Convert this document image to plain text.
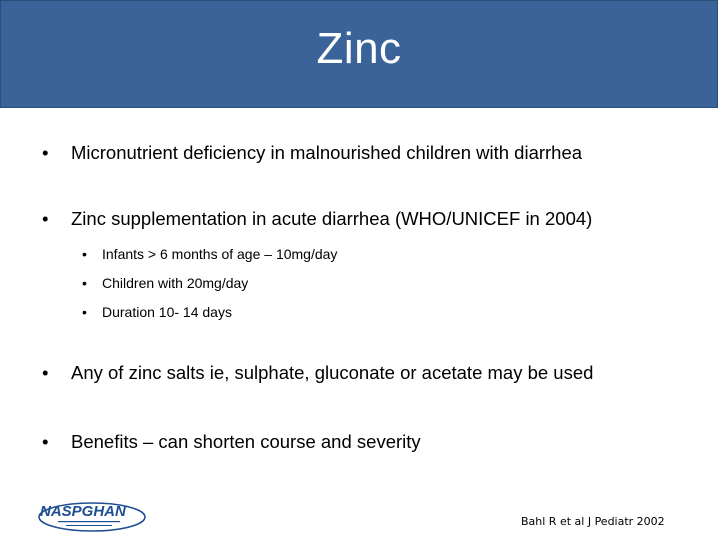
Zinc
• Micronutrient deficiency in malnourished children with diarrhea
• Zinc supplementation in acute diarrhea (WHO/UNICEF in 2004)
• Infants > 6 months of age – 10mg/day
• Children with 20mg/day
• Duration 10- 14 days
• Any of zinc salts ie, sulphate, gluconate or acetate may be used
• Benefits – can shorten course and severity
NASPGHAN
Bahl R et al J Pediatr 2002
